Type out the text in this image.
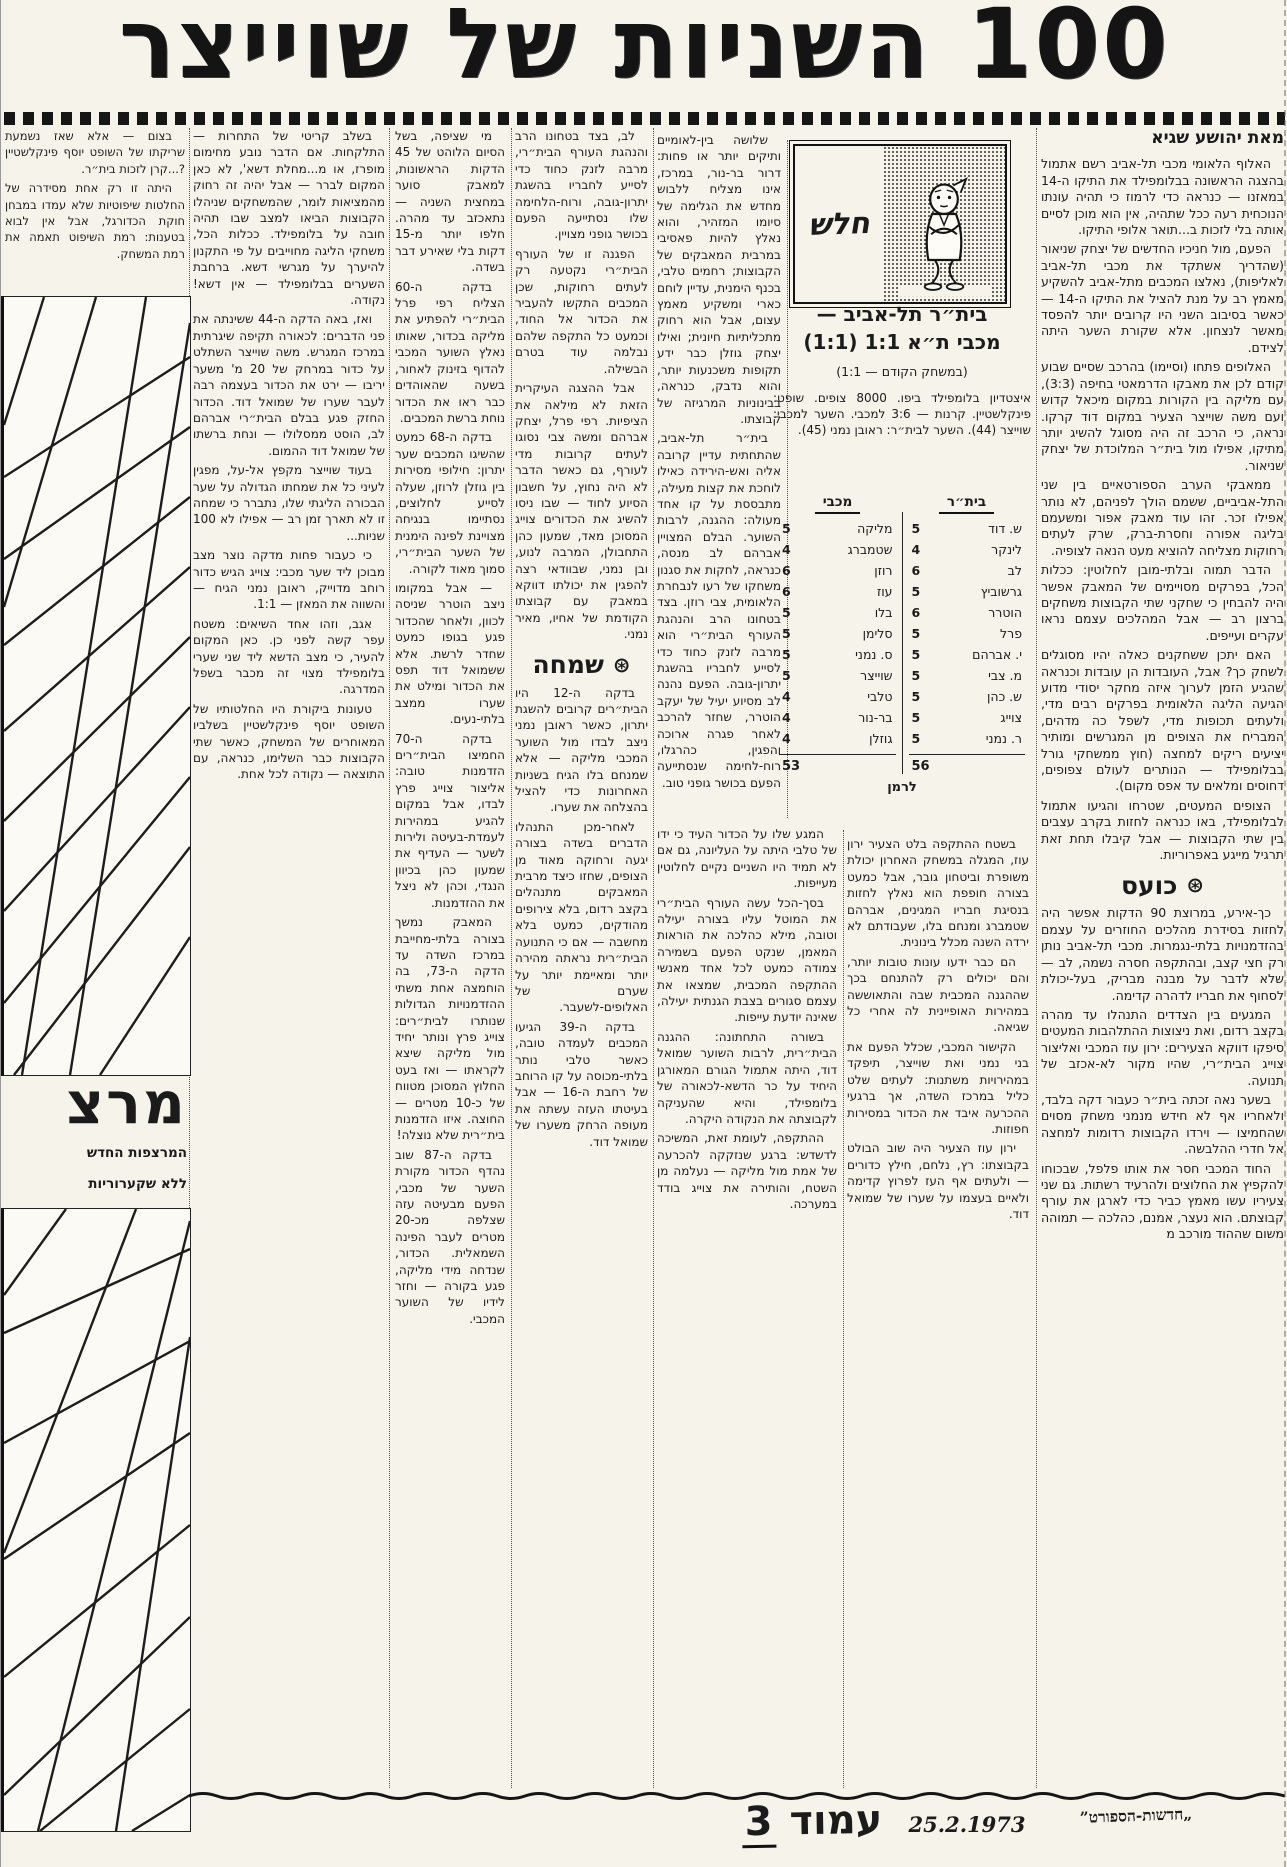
100 השניות של שוייצר

מאת יהושע שגיא

האלוף הלאומי מכבי תל-אביב רשם אתמול בהצגה הראשונה בבלומפילד את התיקו ה-14 במאזנו — כנראה כדי לרמוז כי תהיה עונתו הנוכחית רעה ככל שתהיה, אין הוא מוכן לסיים אותה בלי לזכות ב...תואר אלופי התיקו.

הפעם, מול חניכיו החדשים של יצחק שניאור (שהדריך אשתקד את מכבי תל-אביב לאליפות), נאלצו המכבים מתל-אביב להשקיע מאמץ רב על מנת להציל את התיקו ה-14 — כאשר בסיבוב השני היו קרובים יותר להפסד מאשר לנצחון. אלא שקורת השער היתה לצידם.

האלופים פתחו (וסיימו) בהרכב שסיים שבוע קודם לכן את מאבקו הדרמאטי בחיפה (3:3), עם מליקה בין הקורות במקום מיכאל קדוש ועם משה שוייצר הצעיר במקום דוד קרקו. נראה, כי הרכב זה היה מסוגל להשיג יותר מתיקו, אפילו מול בית״ר המלוכדת של יצחק שניאור.

ממאבקי הערב הספורטאיים בין שני התל-אביביים, ששמם הולך לפניהם, לא נותר אפילו זכר. זהו עוד מאבק אפור ומשעמם בליגה אפורה וחסרת-ברק, שרק לעתים רחוקות מצליחה להוציא מעט הנאה לצופיה.

הדבר תמוה ובלתי-מובן לחלוטין: ככלות הכל, בפרקים מסויימים של המאבק אפשר היה להבחין כי שחקני שתי הקבוצות משחקים ברצון רב — אבל המהלכים עצמם נראו עקרים ועייפים.

האם יתכן ששחקנים כאלה יהיו מסוגלים לשחק כך? אבל, העובדות הן עובדות וכנראה שהגיע הזמן לערוך איזה מחקר יסודי מדוע הגיעה הליגה הלאומית בפרקים רבים מדי, ולעתים תכופות מדי, לשפל כה מדהים, המבריח את הצופים מן המגרשים ומותיר יציעים ריקים למחצה (חוץ ממשחקי גורל בבלומפילד — הנותרים לעולם צפופים, דחוסים ומלאים עד אפס מקום).

הצופים המעטים, שטרחו והגיעו אתמול לבלומפילד, באו כנראה לחזות בקרב עצבים בין שתי הקבוצות — אבל קיבלו תחת זאת תרגיל מייגע באפרוריות.

⊛
כועס

כך-אירע, במרוצת 90 הדקות אפשר היה לחזות בסידרת מהלכים החוזרים על עצמם בהזדמנויות בלתי-נגמרות. מכבי תל-אביב נותן רק חצי קצב, ובהתקפה חסרה נשמה, לב — שלא לדבר על מבנה מבריק, בעל-יכולת לסחוף את חבריו לדהרה קדימה.

המגעים בין הצדדים התנהלו עד מהרה בקצב רדום, ואת ניצוצות ההתלהבות המעטים סיפקו דווקא הצעירים: ירון עוז המכבי ואליצור צוייג הבית״רי, שהיו מקור לא-אכזב של תנועה.

בשער נאה זכתה בית״ר כעבור דקה בלבד, ולאחריו אף לא חידש מנמני משחק מסוים שהחמיצו — וירדו הקבוצות רדומות למחצה אל חדרי ההלבשה.

החוד המכבי חסר את אותו פלפל, שבכוחו להקפיץ את החלוצים ולהרעיד רשתות. גם שני צעיריו עשו מאמץ כביר כדי לארגן את עורף קבוצתם. הוא נעצר, אמנם, כהלכה — תמוהה משום שההוד מורכב מ

חלש
בית״ר תל-אביב —
מכבי ת״א 1:1 (1:1)
(במשחק הקודם — 1:1)
איצטדיון בלומפילד ביפו. 8000 צופים. שופט: פינקלשטיין. קרנות — 3:6 למכבי. השער למכבי: שוייצר (44). השער לבית״ר: ראובן נמני (45).
בית״ר
מכבי
ש. דוד
5
לינקר
4
לב
6
גרשוביץ
5
הוטרר
6
פרל
5
י. אברהם
5
מ. צבי
5
ש. כהן
5
צוייג
5
ר. נמני
5
56
מליקה
5
שטמברג
4
רוזן
6
עוז
6
בלו
5
סלימן
5
ס. נמני
5
שוייצר
5
טלבי
4
בר-נור
4
גוזלן
4
53
לרמן

שלושה בין-לאומיים ותיקים יותר או פחות: דרור בר-נור, במרכז, אינו מצליח ללבוש מחדש את הגלימה של סיומו המזהיר, והוא נאלץ להיות פאסיבי במרבית המאבקים של הקבוצות; רחמים טלבי, בכנף הימנית, עדיין לוחם כארי ומשקיע מאמץ עצום, אבל הוא רחוק מתכליתיות חיונית; ואילו יצחק גוזלן כבר ידע תקופות משכנעות יותר, והוא נדבק, כנראה, בבינוניות המרגיזה של קבוצתו.

בית״ר תל-אביב, שהתחתית עדיין קרובה אליה ואש-הירידה כאילו לוחכת את קצות מעילה, מתבססת על קו אחד מעולה: ההגנה, לרבות השוער. הבלם המצויין אברהם לב מנסה, כנראה, לחקות את סגנון משחקו של רעו לנבחרת הלאומית, צבי רוזן. בצד בטחונו הרב והנהגת העורף הבית״רי הוא מרבה לזנק כחוד כדי לסייע לחבריו בהשגת יתרון-גובה. הפעם נהנה לב מסיוע יעיל של יעקב הוטרר, שחזר להרכב לאחר פגרה ארוכה והפגין, כהרגלו, רוח-לחימה שנסתייעה הפעם בכושר גופני טוב.

המגע שלו על הכדור העיד כי ידו של טלבי היתה על העליונה, גם אם לא תמיד היו השניים נקיים לחלוטין מעייפות.

בסך-הכל עשה העורף הבית״רי את המוטל עליו בצורה יעילה וטובה, מילא כהלכה את הוראות המאמן, שנקט הפעם בשמירה צמודה כמעט לכל אחד מאנשי ההתקפה המכבית, שמצאו את עצמם סגורים בצבת הגנתית יעילה, שאינה יודעת עייפות.

בשורה התחתונה: ההגנה הבית״רית, לרבות השוער שמואל דוד, היתה אתמול הגורם המאורגן היחיד על כר הדשא-לכאורה של בלומפילד, והיא שהעניקה לקבוצתה את הנקודה היקרה.

ההתקפה, לעומת זאת, המשיכה לדשדש: ברגע שנזקקה להכרעה של אמת מול מליקה — נעלמה מן השטח, והותירה את צוייג בודד במערכה.

בשטח ההתקפה בלט הצעיר ירון עוז, המגלה במשחק האחרון יכולת משופרת וביטחון גובר, אבל כמעט בצורה חופפת הוא נאלץ לחזות בנסיגת חבריו המגינים, אברהם שטמברג ומנחם בלו, שעבודתם לא ירדה השנה מכלל בינונית.

הם כבר ידעו עונות טובות יותר, והם יכולים רק להתנחם בכך שההגנה המכבית שבה והתאוששה במהירות האופיינית לה אחרי כל שגיאה.

הקישור המכבי, שכלל הפעם את בני נמני ואת שוייצר, תיפקד במהירויות משתנות: לעתים שלט כליל במרכז השדה, אך ברגעי ההכרעה איבד את הכדור במסירות חפוזות.

ירון עוז הצעיר היה שוב הבולט בקבוצתו: רץ, נלחם, חילץ כדורים — ולעתים אף העז לפרוץ קדימה ולאיים בעצמו על שערו של שמואל דוד.

לב, בצד בטחונו הרב והנהגת העורף הבית״רי, מרבה לזנק כחוד כדי לסייע לחבריו בהשגת יתרון-גובה, ורוח-הלחימה שלו נסתייעה הפעם בכושר גופני מצויין.

הפגנה זו של העורף הבית״רי נקטעה רק לעתים רחוקות, שכן המכבים התקשו להעביר את הכדור אל החוד, וכמעט כל התקפה שלהם נבלמה עוד בטרם הבשילה.

אבל ההצגה העיקרית הזאת לא מילאה את הציפיות. רפי פרל, יצחק אברהם ומשה צבי נסוגו לעתים קרובות מדי לעורף, גם כאשר הדבר לא היה נחוץ, על חשבון הסיוע לחוד — שבו ניסו להשיג את הכדורים צוייג המסוכן מאד, שמעון כהן התחבולן, המרבה לנוע, ובן נמני, שבוודאי רצה להפגין את יכולתו דווקא במאבק עם קבוצתו הקודמת של אחיו, מאיר נמני.

⊛
שמחה

בדקה ה-12 היו הבית״רים קרובים להשגת יתרון, כאשר ראובן נמני ניצב לבדו מול השוער המכבי מליקה — אלא שמנחם בלו הגיח בשניות האחרונות כדי להציל בהצלחה את שערו.

לאחר-מכן התנהלו הדברים בשדה בצורה יגעה ורחוקה מאוד מן הצופים, שחזו כיצד מרבית המאבקים מתנהלים בקצב רדום, בלא צירופים מהודקים, כמעט בלא מחשבה — אם כי התנועה הבית״רית נראתה מהירה יותר ומאיימת יותר על שערם של האלופים-לשעבר.

בדקה ה-39 הגיעו המכבים לעמדה טובה, כאשר טלבי נותר בלתי-מכוסה על קו הרוחב של רחבת ה-16 — אבל בעיטתו העזה עשתה את מעופה הרחק משערו של שמואל דוד.

מי שציפה, בשל הסיום הלוהט של 45 הדקות הראשונות, למאבק סוער במחצית השניה — נתאכזב עד מהרה. חלפו יותר מ-15 דקות בלי שאירע דבר בשדה.

בדקה ה-60 הצליח רפי פרל הבית״רי להפתיע את מליקה בכדור, שאותו נאלץ השוער המכבי להדוף בזינוק לאחור, בשעה שהאוהדים כבר ראו את הכדור נוחת ברשת המכבים.

בדקה ה-68 כמעט שהשיגו המכבים שער יתרון: חילופי מסירות בין גוזלן לרוזן, שעלה לסייע לחלוצים, נסתיימו בנגיחה מצויינת לפינה הימנית של השער הבית״רי, סמוך מאוד לקורה.

— אבל במקומו ניצב הוטרר שניסה לכוון, ולאחר שהכדור פגע בגופו כמעט שחדר לרשת. אלא ששמואל דוד תפס את הכדור ומילט את שערו ממצב בלתי-נעים.

בדקה ה-70 החמיצו הבית״רים הזדמנות טובה: אליצור צוייג פרץ לבדו, אבל במקום להגיע במהירות לעמדת-בעיטה ולירות לשער — העדיף את שמעון כהן בכיוון הנגדי, וכהן לא ניצל את ההזדמנות.

המאבק נמשך בצורה בלתי-מחייבת במרכז השדה עד הדקה ה-73, בה הוחמצה אחת משתי ההזדמנויות הגדולות שנותרו לבית״רים: צוייג פרץ ונותר יחיד מול מליקה שיצא לקראתו — ואז בעט החלוץ המסוכן מטווח של כ-10 מטרים — החוצה. איזו הזדמנות בית״רית שלא נוצלה!

בדקה ה-87 שוב נהדף הכדור מקורת השער של מכבי, הפעם מבעיטה עזה שצלפה מכ-20 מטרים לעבר הפינה השמאלית. הכדור, שנדחה מידי מליקה, פגע בקורה — וחזר לידיו של השוער המכבי.

בשלב קריטי של התחרות — התלקחות. אם הדבר נובע מחימום מופרז, או מ...מחלת דשא', לא כאן המקום לברר — אבל יהיה זה רחוק מהמציאות לומר, שהמשחקים שניהלו הקבוצות הביאו למצב שבו תהיה חובה על בלומפילד. ככלות הכל, משחקי הליגה מחוייבים על פי התקנון להיערך על מגרשי דשא. ברחבת השערים בבלומפילד — אין דשא! נקודה.

ואז, באה הדקה ה-44 ששינתה את פני הדברים: לכאורה תקיפה שיגרתית במרכז המגרש. משה שוייצר השתלט על כדור במרחק של 20 מ' משער יריבו — ירט את הכדור בעצמה רבה לעבר שערו של שמואל דוד. הכדור החזק פגע בבלם הבית״רי אברהם לב, הוסט ממסלולו — ונחת ברשתו של שמואל דוד ההמום.

בעוד שוייצר מקפץ אל-על, מפגין לעיני כל את שמחתו הגדולה על שער הבכורה הליגתי שלו, נתברר כי שמחה זו לא תארך זמן רב — אפילו לא 100 שניות...

כי כעבור פחות מדקה נוצר מצב מבוכן ליד שער מכבי: צוייג הגיש כדור רוחב מדוייק, ראובן נמני הגיח — והשווה את המאזן — 1:1.

אגב, וזהו אחד השיאים: משטח עפר קשה לפני כן. כאן המקום להעיר, כי מצב הדשא ליד שני שערי בלומפילד מצוי זה מכבר בשפל המדרגה.

טעונות ביקורת היו החלטותיו של השופט יוסף פינקלשטיין בשלביו המאוחרים של המשחק, כאשר שתי הקבוצות כבר השלימו, כנראה, עם התוצאה — נקודה לכל אחת.

בצום — אלא שאז נשמעת שריקתו של השופט יוסף פינקלשטיין ?...קרן לזכות בית״ר.

היתה זו רק אחת מסידרה של החלטות שיפוטיות שלא עמדו במבחן חוקת הכדורגל, אבל אין לבוא בטענות: רמת השיפוט תאמה את רמת המשחק.

מרצ

המרצפות החדש

ללא שקערוריות

„חדשות-הספורט”
25.2.1973
עמוד 3
